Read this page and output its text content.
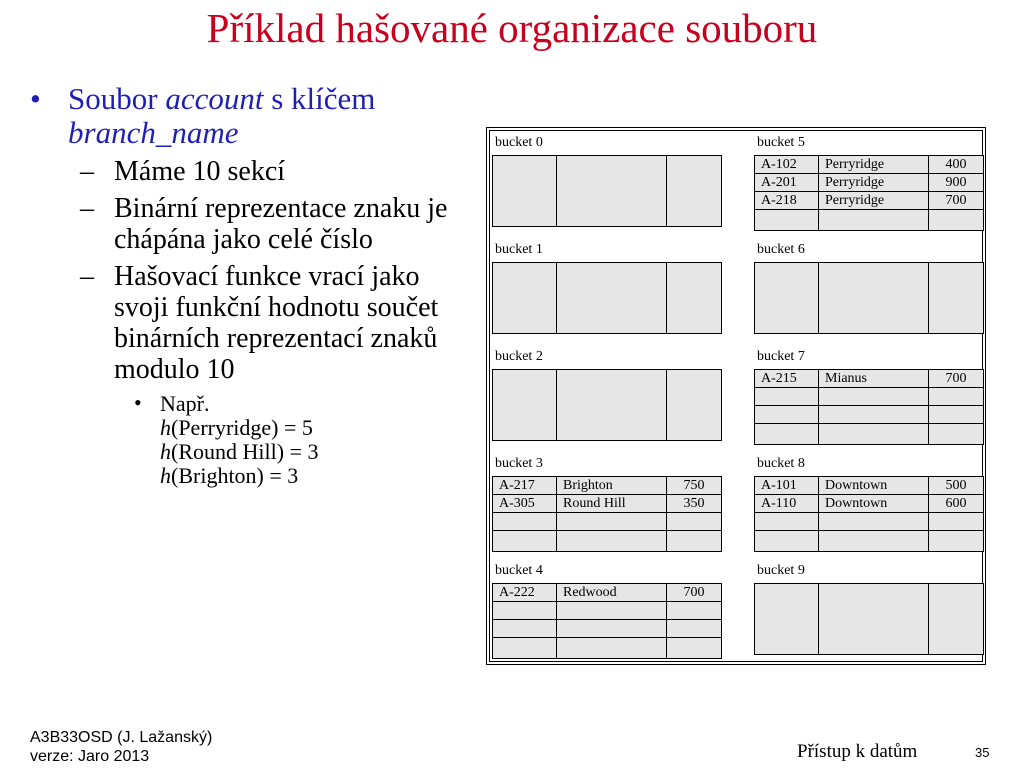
Příklad hašované organizace souboru
• Soubor account s klíčem
branch_name
– Máme 10 sekcí
– Binární reprezentace znaku je chápána jako celé číslo
– Hašovací funkce vrací jako svoji funkční hodnotu součet binárních reprezentací znaků modulo 10
• Např.
h(Perryridge) = 5
h(Round Hill) = 3
h(Brighton) = 3
bucket 0
			bucket 5
A-102	Perryridge	400
A-201	Perryridge	900
A-218	Perryridge	700

bucket 1
			bucket 6

bucket 2
			bucket 7
A-215	Mianus	700

bucket 3
A-217	Brighton	750
A-305	Round Hill	350

bucket 8
A-101	Downtown	500
A-110	Downtown	600

bucket 4
A-222	Redwood	700

bucket 9

A3B33OSD (J. Lažanský)
verze: Jaro 2013	Přístup k datům	35
